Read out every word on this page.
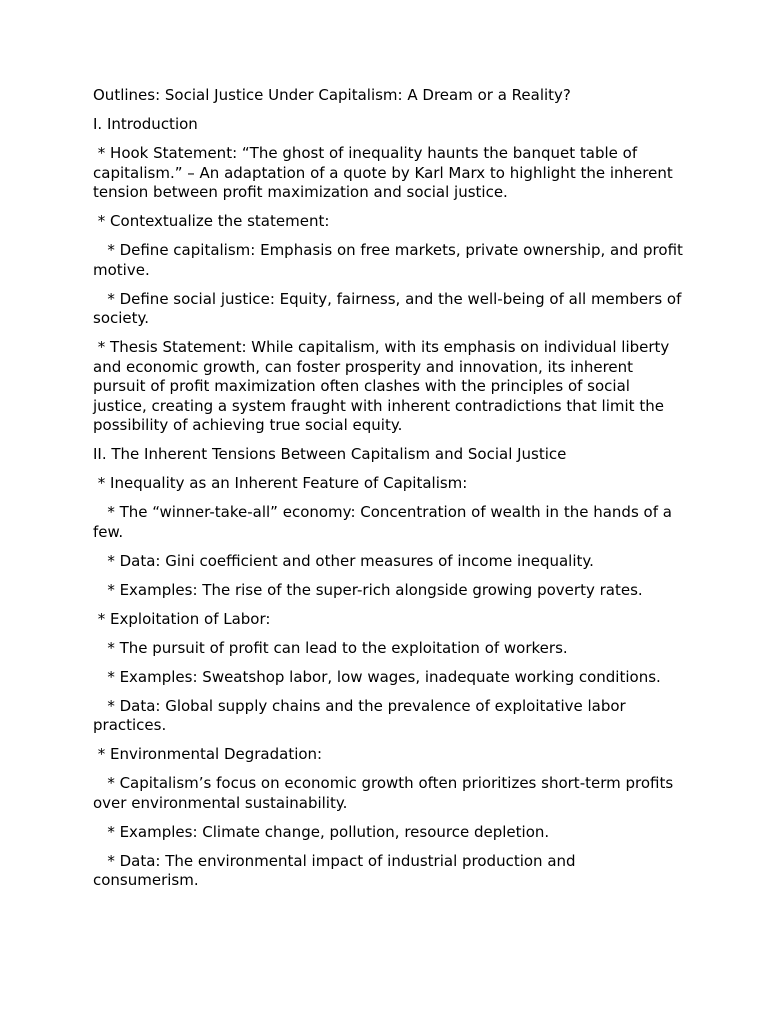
Outlines: Social Justice Under Capitalism: A Dream or a Reality?

I. Introduction

* Hook Statement: “The ghost of inequality haunts the banquet table of capitalism.” – An adaptation of a quote by Karl Marx to highlight the inherent tension between profit maximization and social justice.

* Contextualize the statement:

* Define capitalism: Emphasis on free markets, private ownership, and profit motive.

* Define social justice: Equity, fairness, and the well-being of all members of society.

* Thesis Statement: While capitalism, with its emphasis on individual liberty and economic growth, can foster prosperity and innovation, its inherent pursuit of profit maximization often clashes with the principles of social justice, creating a system fraught with inherent contradictions that limit the possibility of achieving true social equity.

II. The Inherent Tensions Between Capitalism and Social Justice

* Inequality as an Inherent Feature of Capitalism:

* The “winner-take-all” economy: Concentration of wealth in the hands of a few.

* Data: Gini coefficient and other measures of income inequality.

* Examples: The rise of the super-rich alongside growing poverty rates.

* Exploitation of Labor:

* The pursuit of profit can lead to the exploitation of workers.

* Examples: Sweatshop labor, low wages, inadequate working conditions.

* Data: Global supply chains and the prevalence of exploitative labor practices.

* Environmental Degradation:

* Capitalism’s focus on economic growth often prioritizes short-term profits over environmental sustainability.

* Examples: Climate change, pollution, resource depletion.

* Data: The environmental impact of industrial production and consumerism.
